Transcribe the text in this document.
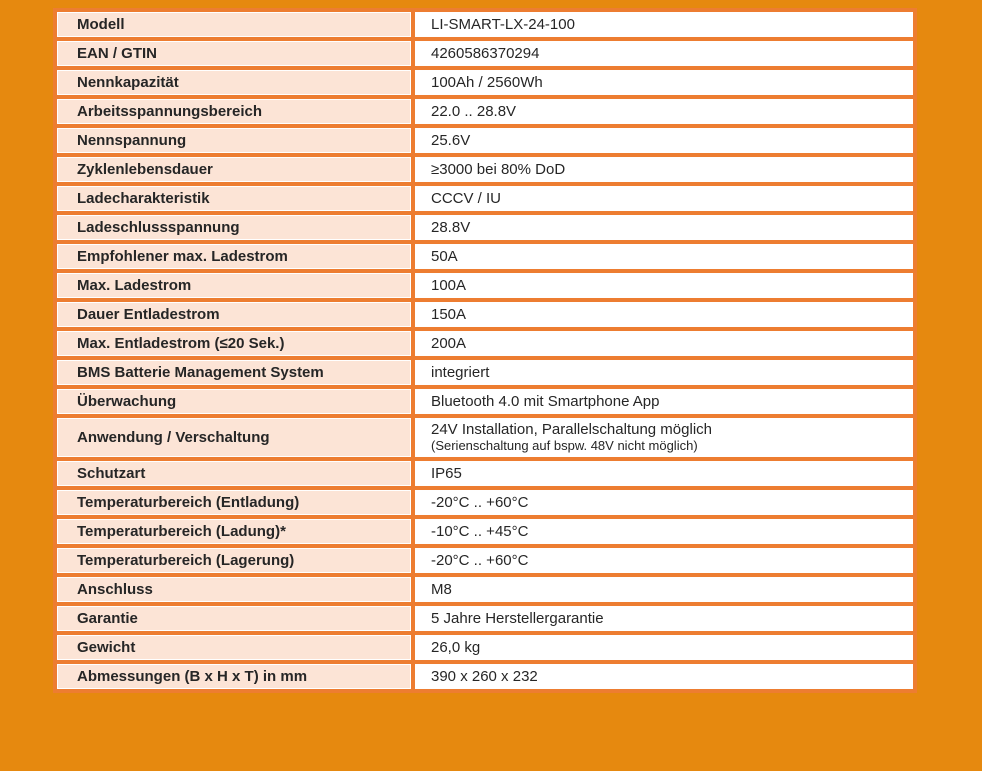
Modell	LI-SMART-LX-24-100
EAN / GTIN	4260586370294
Nennkapazität	100Ah / 2560Wh
Arbeitsspannungsbereich	22.0 .. 28.8V
Nennspannung	25.6V
Zyklenlebensdauer	≥3000 bei 80% DoD
Ladecharakteristik	CCCV / IU
Ladeschlussspannung	28.8V
Empfohlener max. Ladestrom	50A
Max. Ladestrom	100A
Dauer Entladestrom	150A
Max. Entladestrom (≤20 Sek.)	200A
BMS Batterie Management System	integriert
Überwachung	Bluetooth 4.0 mit Smartphone App
Anwendung / Verschaltung	24V Installation, Parallelschaltung möglich
(Serienschaltung auf bspw. 48V nicht möglich)

Schutzart	IP65
Temperaturbereich (Entladung)	-20°C .. +60°C
Temperaturbereich (Ladung)*	-10°C .. +45°C
Temperaturbereich (Lagerung)	-20°C .. +60°C
Anschluss	M8
Garantie	5 Jahre Herstellergarantie
Gewicht	26,0 kg
Abmessungen (B x H x T) in mm	390 x 260 x 232
